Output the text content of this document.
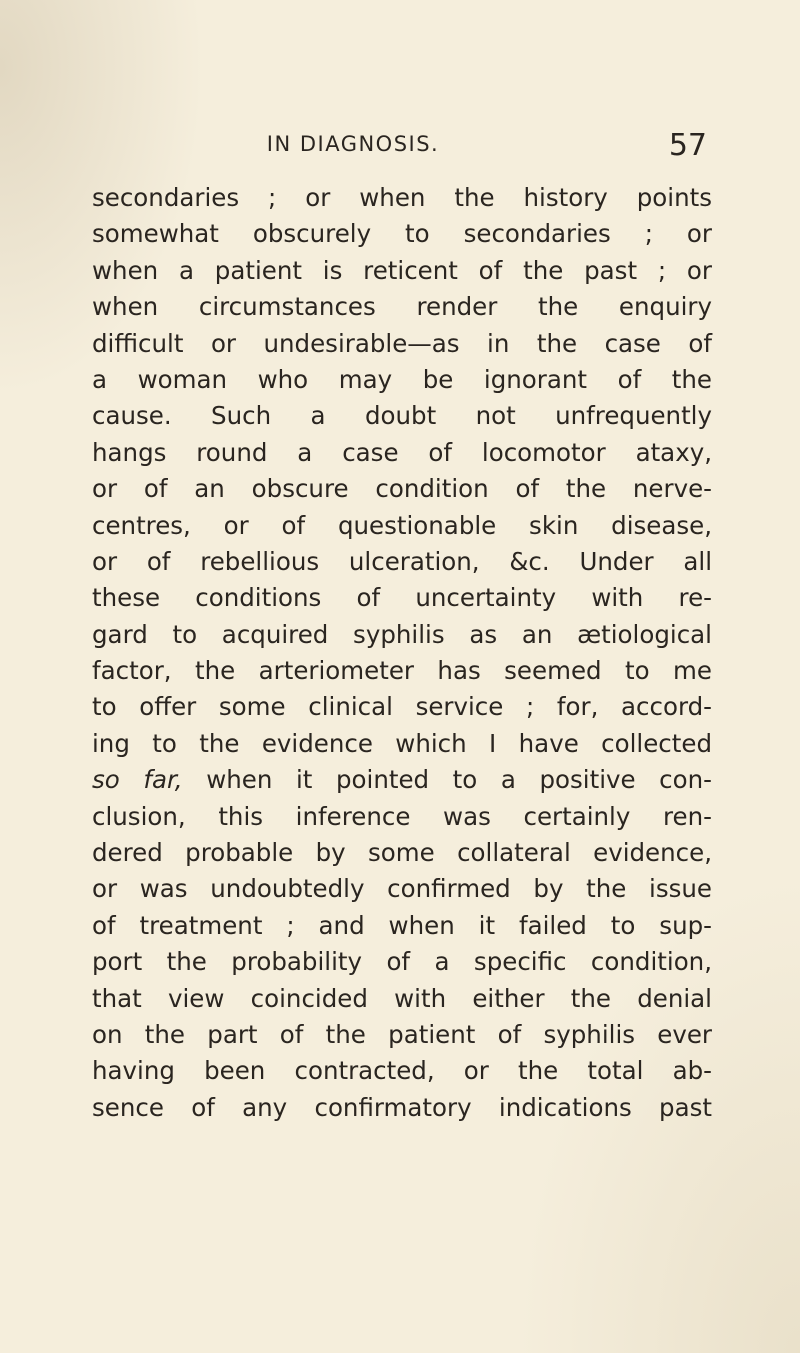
IN DIAGNOSIS.	57
secondaries ; or when the history points
somewhat obscurely to secondaries ; or
when a patient is reticent of the past ; or
when circumstances render the enquiry
difficult or undesirable—as in the case of
a woman who may be ignorant of the
cause. Such a doubt not unfrequently
hangs round a case of locomotor ataxy,
or of an obscure condition of the nerve-
centres, or of questionable skin disease,
or of rebellious ulceration, &c. Under all
these conditions of uncertainty with re-
gard to acquired syphilis as an ætiological
factor, the arteriometer has seemed to me
to offer some clinical service ; for, accord-
ing to the evidence which I have collected
so far, when it pointed to a positive con-
clusion, this inference was certainly ren-
dered probable by some collateral evidence,
or was undoubtedly confirmed by the issue
of treatment ; and when it failed to sup-
port the probability of a specific condition,
that view coincided with either the denial
on the part of the patient of syphilis ever
having been contracted, or the total ab-
sence of any confirmatory indications past
